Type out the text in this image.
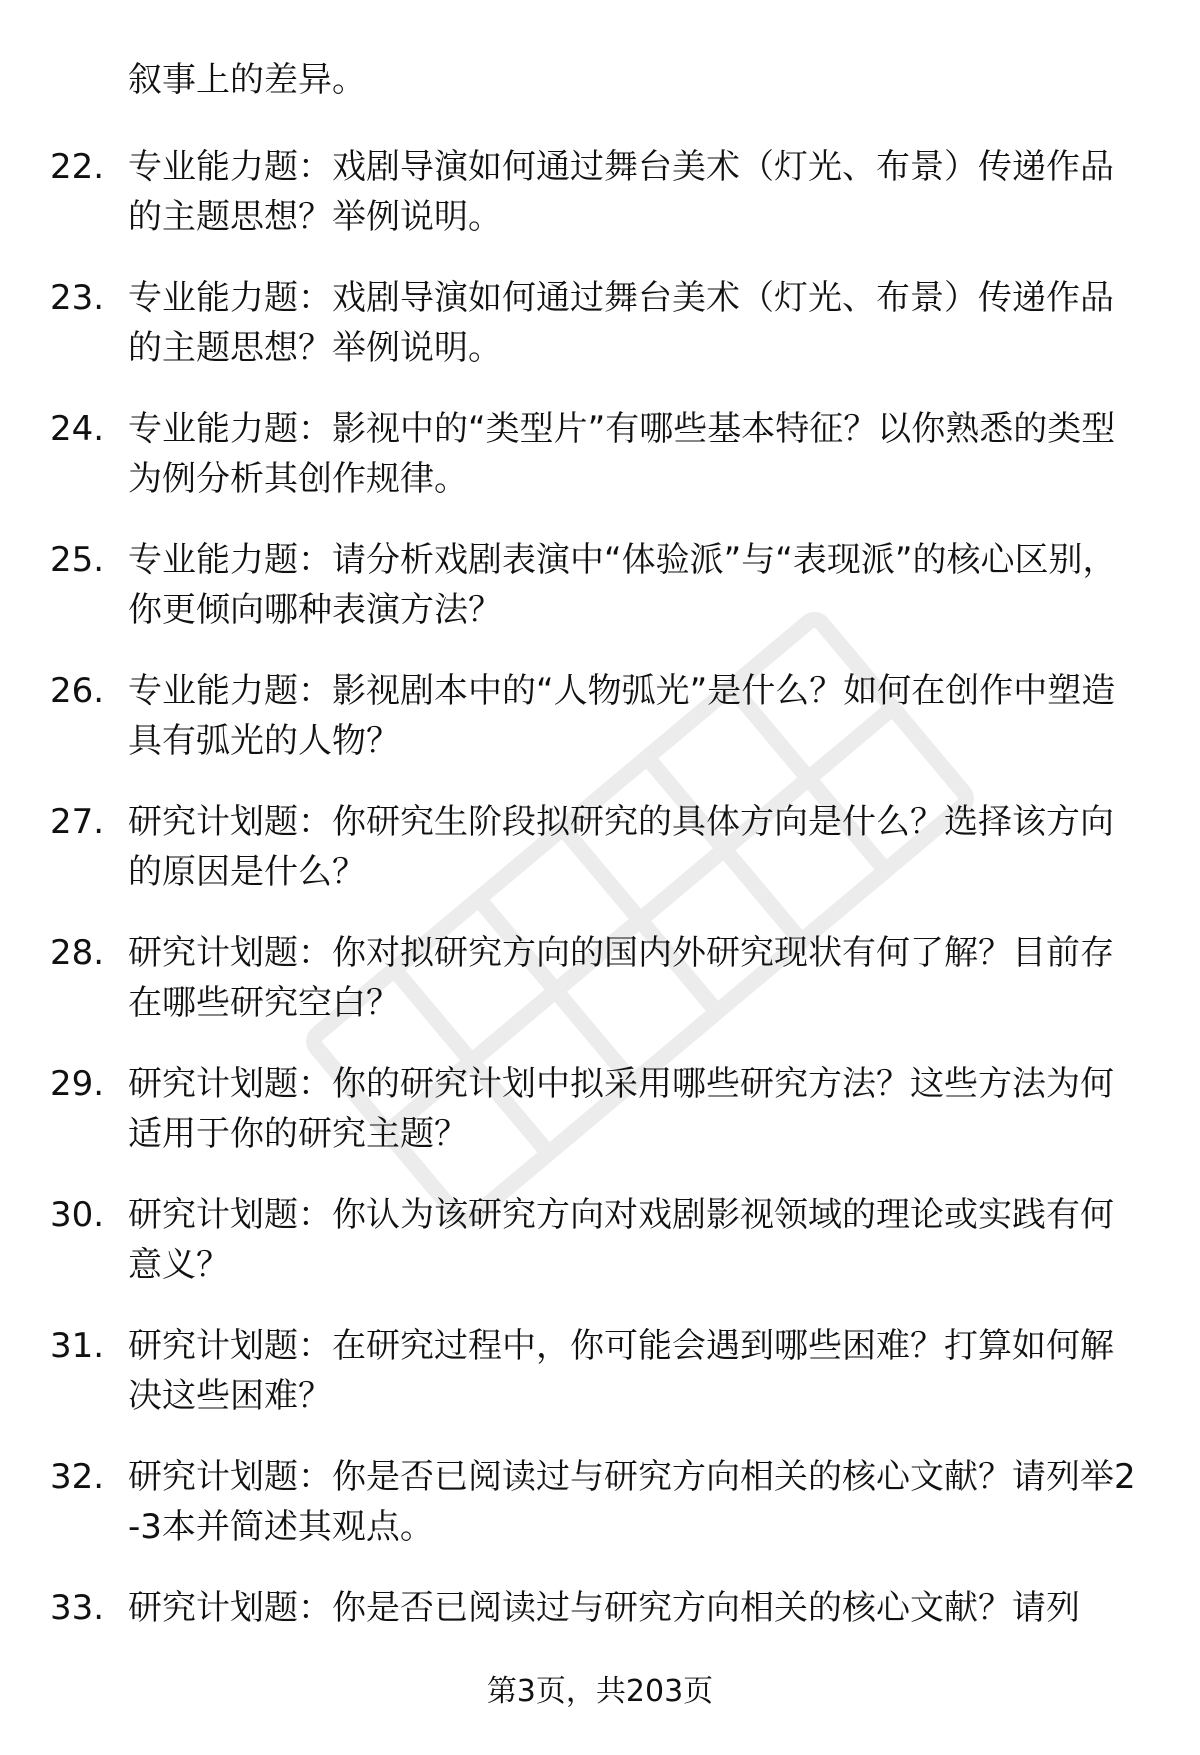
叙事上的差异。
22. 专业能力题：戏剧导演如何通过舞台美术（灯光、布景）传递作品的主题思想？举例说明。
23. 专业能力题：戏剧导演如何通过舞台美术（灯光、布景）传递作品的主题思想？举例说明。
24. 专业能力题：影视中的“类型片”有哪些基本特征？以你熟悉的类型为例分析其创作规律。
25. 专业能力题：请分析戏剧表演中“体验派”与“表现派”的核心区别，你更倾向哪种表演方法？
26. 专业能力题：影视剧本中的“人物弧光”是什么？如何在创作中塑造具有弧光的人物？
27. 研究计划题：你研究生阶段拟研究的具体方向是什么？选择该方向的原因是什么？
28. 研究计划题：你对拟研究方向的国内外研究现状有何了解？目前存在哪些研究空白？
29. 研究计划题：你的研究计划中拟采用哪些研究方法？这些方法为何适用于你的研究主题？
30. 研究计划题：你认为该研究方向对戏剧影视领域的理论或实践有何意义？
31. 研究计划题：在研究过程中，你可能会遇到哪些困难？打算如何解决这些困难？
32. 研究计划题：你是否已阅读过与研究方向相关的核心文献？请列举2-3本并简述其观点。
33. 研究计划题：你是否已阅读过与研究方向相关的核心文献？请列
第3页，共203页
